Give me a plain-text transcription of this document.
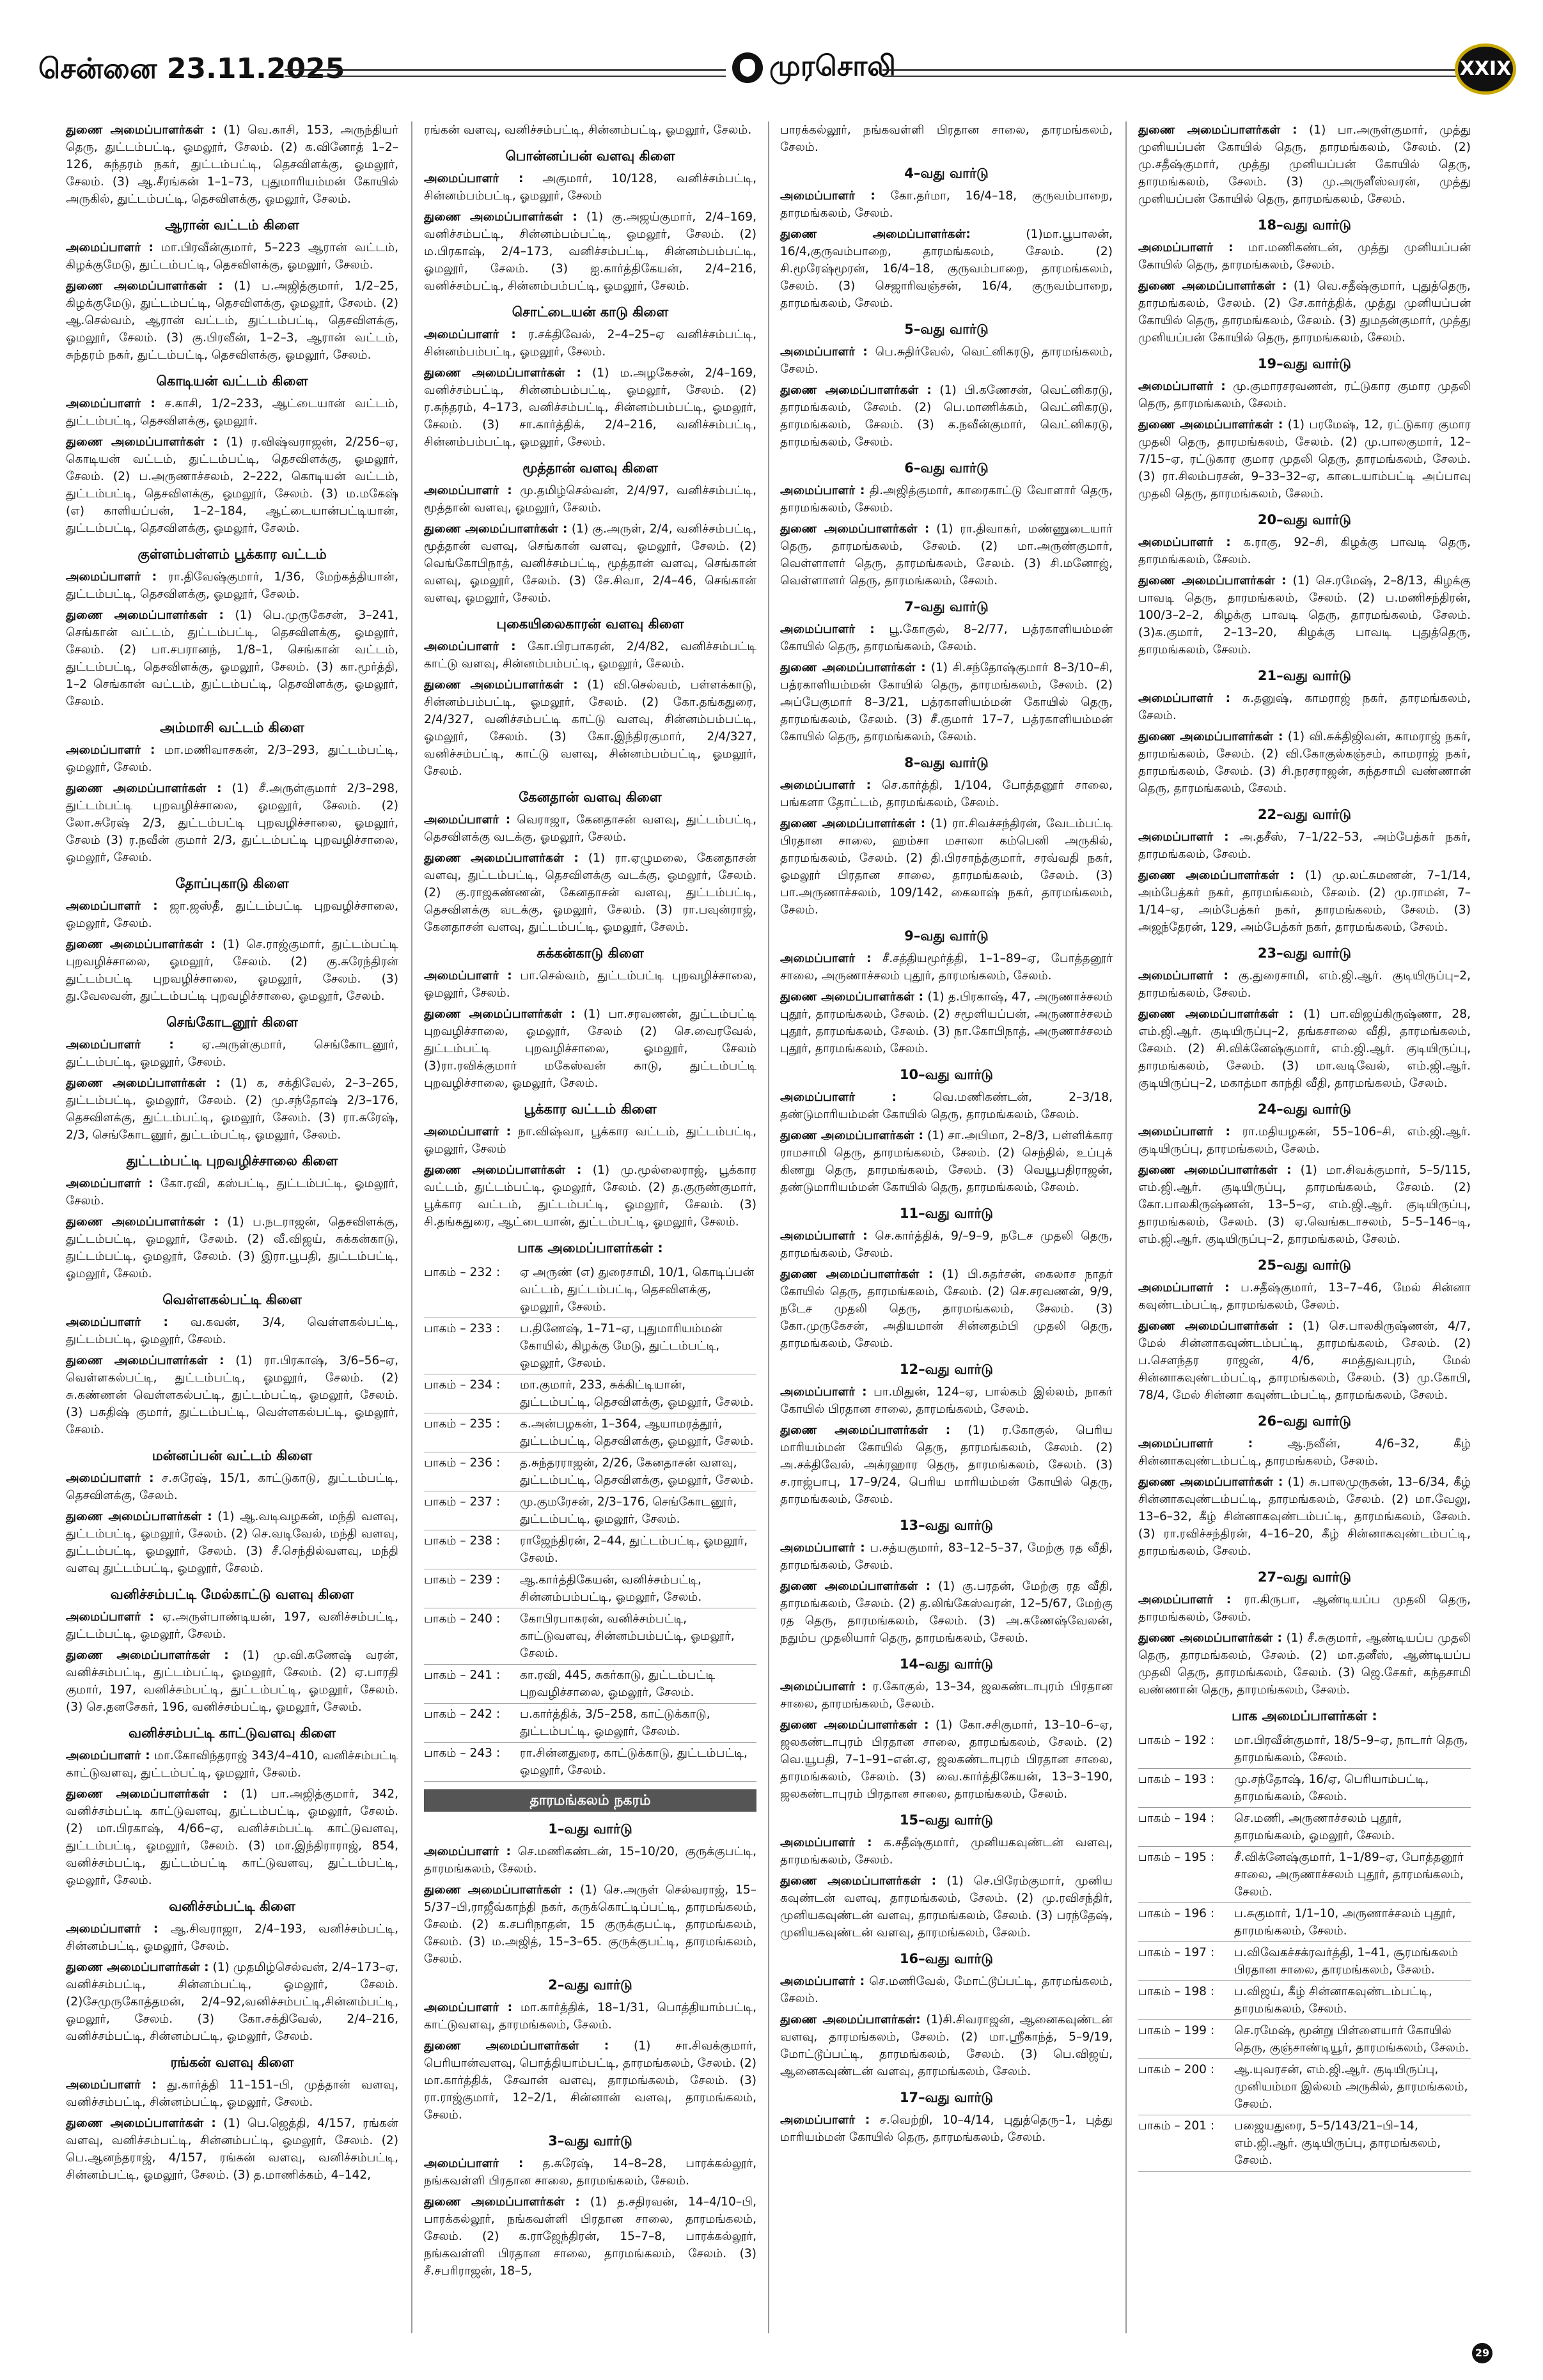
சென்னை 23.11.2025	முரசொலி	XXIX

துணை அமைப்பாளர்கள் : (1) வெ.காசி, 153, அருந்தியர் தெரு, துட்டம்பட்டி, ஓமலூர், சேலம். (2) க.வினோத் 1–2–126, சுந்தரம் நகர், துட்டம்பட்டி, தெசவிளக்கு, ஓமலூர், சேலம். (3) ஆ.சீரங்கன் 1–1–73, புதுமாரியம்மன் கோயில் அருகில், துட்டம்பட்டி, தெசவிளக்கு, ஓமலூர், சேலம்.

ஆரான் வட்டம் கிளை

அமைப்பாளர் : மா.பிரவீன்குமார், 5–223 ஆரான் வட்டம், கிழக்குமேடு, துட்டம்பட்டி, தெசவிளக்கு, ஓமலூர், சேலம்.

துணை அமைப்பாளர்கள் : (1) ப.அஜித்குமார், 1/2–25, கிழக்குமேடு, துட்டம்பட்டி, தெசவிளக்கு, ஓமலூர், சேலம். (2) ஆ.செல்வம், ஆரான் வட்டம், துட்டம்பட்டி, தெசவிளக்கு, ஓமலூர், சேலம். (3) கு.பிரவீன், 1–2–3, ஆரான் வட்டம், சுந்தரம் நகர், துட்டம்பட்டி, தெசவிளக்கு, ஓமலூர், சேலம்.

கொடியன் வட்டம் கிளை

அமைப்பாளர் : ச.காசி, 1/2–233, ஆட்டையான் வட்டம், துட்டம்பட்டி, தெசவிளக்கு, ஓமலூர்.

துணை அமைப்பாளர்கள் : (1) ர.விஷ்வராஜன், 2/256–ஏ, கொடியன் வட்டம், துட்டம்பட்டி, தெசவிளக்கு, ஓமலூர், சேலம். (2) ப.அருணாச்சலம், 2–222, கொடியன் வட்டம், துட்டம்பட்டி, தெசவிளக்கு, ஓமலூர், சேலம். (3) ம.மகேஷ் (எ) காளியப்பன், 1–2–184, ஆட்டையான்பட்டியான், துட்டம்பட்டி, தெசவிளக்கு, ஓமலூர், சேலம்.

குள்ளம்பள்ளம் பூக்கார வட்டம்

அமைப்பாளர் : ரா.திவேஷ்குமார், 1/36, மேற்கத்தியான், துட்டம்பட்டி, தெசவிளக்கு, ஓமலூர், சேலம்.

துணை அமைப்பாளர்கள் : (1) பெ.முருகேசன், 3–241, செங்கான் வட்டம், துட்டம்பட்டி, தெசவிளக்கு, ஓமலூர், சேலம். (2) பா.சபரானந், 1/8–1, செங்கான் வட்டம், துட்டம்பட்டி, தெசவிளக்கு, ஓமலூர், சேலம். (3) கா.மூர்த்தி, 1–2 செங்கான் வட்டம், துட்டம்பட்டி, தெசவிளக்கு, ஓமலூர், சேலம்.

அம்மாசி வட்டம் கிளை

அமைப்பாளர் : மா.மணிவாசகன், 2/3–293, துட்டம்பட்டி, ஓமலூர், சேலம்.

துணை அமைப்பாளர்கள் : (1) சீ.அருள்குமார் 2/3–298, துட்டம்பட்டி புறவழிச்சாலை, ஓமலூர், சேலம். (2) லோ.சுரேஷ் 2/3, துட்டம்பட்டி புறவழிச்சாலை, ஓமலூர், சேலம் (3) ர.நவீன் குமார் 2/3, துட்டம்பட்டி புறவழிச்சாலை, ஓமலூர், சேலம்.

தோப்புகாடு கிளை

அமைப்பாளர் : ஜா.ஜஸ்தீ, துட்டம்பட்டி புறவழிச்சாலை, ஓமலூர், சேலம்.

துணை அமைப்பாளர்கள் : (1) செ.ராஜ்குமார், துட்டம்பட்டி புறவழிச்சாலை, ஓமலூர், சேலம். (2) கு.சுரேந்திரன் துட்டம்பட்டி புறவழிச்சாலை, ஓமலூர், சேலம். (3) து.வேலவன், துட்டம்பட்டி புறவழிச்சாலை, ஓமலூர், சேலம்.

செங்கோடனூர் கிளை

அமைப்பாளர் : ஏ.அருள்குமார், செங்கோடனூர், துட்டம்பட்டி, ஓமலூர், சேலம்.

துணை அமைப்பாளர்கள் : (1) க, சக்திவேல், 2–3–265, துட்டம்பட்டி, ஓமலூர், சேலம். (2) மு.சந்தோஷ் 2/3–176, தெசவிளக்கு, துட்டம்பட்டி, ஓமலூர், சேலம். (3) ரா.சுரேஷ், 2/3, செங்கோடனூர், துட்டம்பட்டி, ஓமலூர், சேலம்.

துட்டம்பட்டி புறவழிச்சாலை கிளை

அமைப்பாளர் : கோ.ரவி, கஸ்பட்டி, துட்டம்பட்டி, ஓமலூர், சேலம்.

துணை அமைப்பாளர்கள் : (1) ப.நடராஜன், தெசவிளக்கு, துட்டம்பட்டி, ஓமலூர், சேலம். (2) வீ.விஜய், சுக்கன்காடு, துட்டம்பட்டி, ஓமலூர், சேலம். (3) இரா.பூபதி, துட்டம்பட்டி, ஓமலூர், சேலம்.

வெள்ளகல்பட்டி கிளை

அமைப்பாளர் : வ.கவன், 3/4, வெள்ளகல்பட்டி, துட்டம்பட்டி, ஓமலூர், சேலம்.

துணை அமைப்பாளர்கள் : (1) ரா.பிரகாஷ், 3/6–56–ஏ, வெள்ளகல்பட்டி, துட்டம்பட்டி, ஓமலூர், சேலம். (2) சு.கண்ணன் வெள்ளகல்பட்டி, துட்டம்பட்டி, ஓமலூர், சேலம். (3) பசுதிஷ் குமார், துட்டம்பட்டி, வெள்ளகல்பட்டி, ஓமலூர், சேலம்.

மன்னப்பன் வட்டம் கிளை

அமைப்பாளர் : ச.சுரேஷ், 15/1, காட்டுகாடு, துட்டம்பட்டி, தெசவிளக்கு, சேலம்.

துணை அமைப்பாளர்கள் : (1) ஆ.வடிவழகன், மந்தி வளவு, துட்டம்பட்டி, ஓமலூர், சேலம். (2) செ.வடிவேல், மந்தி வளவு, துட்டம்பட்டி, ஓமலூர், சேலம். (3) சீ.செந்தில்வளவு, மந்தி வளவு துட்டம்பட்டி, ஓமலூர், சேலம்.

வனிச்சம்பட்டி மேல்காட்டு வளவு கிளை

அமைப்பாளர் : ஏ.அருள்பாண்டியன், 197, வனிச்சம்பட்டி, துட்டம்பட்டி, ஓமலூர், சேலம்.

துணை அமைப்பாளர்கள் : (1) மு.வி.கணேஷ் வரன், வனிச்சம்பட்டி, துட்டம்பட்டி, ஓமலூர், சேலம். (2) ஏ.பாரதி குமார், 197, வனிச்சம்பட்டி, துட்டம்பட்டி, ஓமலூர், சேலம். (3) செ.தனசேகர், 196, வனிச்சம்பட்டி, ஓமலூர், சேலம்.

வனிச்சம்பட்டி காட்டுவளவு கிளை

அமைப்பாளர் : மா.கோவிந்தராஜ் 343/4–410, வனிச்சம்பட்டி காட்டுவளவு, துட்டம்பட்டி, ஓமலூர், சேலம்.

துணை அமைப்பாளர்கள் : (1) பா.அஜித்குமார், 342, வனிச்சம்பட்டி காட்டுவளவு, துட்டம்பட்டி, ஓமலூர், சேலம். (2) மா.பிரகாஷ், 4/66–ஏ, வனிச்சம்பட்டி காட்டுவளவு, துட்டம்பட்டி, ஓமலூர், சேலம். (3) மா.இந்திராராஜ், 854, வனிச்சம்பட்டி, துட்டம்பட்டி காட்டுவளவு, துட்டம்பட்டி, ஓமலூர், சேலம்.

வனிச்சம்பட்டி கிளை

அமைப்பாளர் : ஆ.சிவராஜா, 2/4–193, வனிச்சம்பட்டி, சின்னம்பட்டி, ஓமலூர், சேலம்.

துணை அமைப்பாளர்கள் : (1) முதமிழ்செல்வன், 2/4–173–ஏ, வனிச்சம்பட்டி, சின்னம்பட்டி, ஓமலூர், சேலம். (2)சேமுருகோத்தமன், 2/4–92,வனிச்சம்பட்டி,சின்னம்பட்டி, ஓமலூர், சேலம். (3) கோ.சக்திவேல், 2/4–216, வனிச்சம்பட்டி, சின்னம்பட்டி, ஓமலூர், சேலம்.

ரங்கன் வளவு கிளை

அமைப்பாளர் : து.கார்த்தி 11–151–பி, முத்தான் வளவு, வனிச்சம்பட்டி, சின்னம்பட்டி, ஓமலூர், சேலம்.

துணை அமைப்பாளர்கள் : (1) பெ.ஜெத்தி, 4/157, ரங்கன் வளவு, வனிச்சம்பட்டி, சின்னம்பட்டி, ஓமலூர், சேலம். (2) பெ.ஆனந்தராஜ், 4/157, ரங்கன் வளவு, வனிச்சம்பட்டி, சின்னம்பட்டி, ஓமலூர், சேலம். (3) த.மாணிக்கம், 4–142,

ரங்கன் வளவு, வனிச்சம்பட்டி, சின்னம்பட்டி, ஓமலூர், சேலம்.

பொன்னப்பன் வளவு கிளை

அமைப்பாளர் : அகுமார், 10/128, வனிச்சம்பட்டி, சின்னம்பம்பட்டி, ஓமலூர், சேலம்

துணை அமைப்பாளர்கள் : (1) கு.அஜய்குமார், 2/4–169, வனிச்சம்பட்டி, சின்னம்பம்பட்டி, ஓமலூர், சேலம். (2) ம.பிரகாஷ், 2/4–173, வனிச்சம்பட்டி, சின்னம்பம்பட்டி, ஓமலூர், சேலம். (3) ஐ.கார்த்திகேயன், 2/4–216, வனிச்சம்பட்டி, சின்னம்பம்பட்டி, ஓமலூர், சேலம்.

சொட்டையன் காடு கிளை

அமைப்பாளர் : ர.சக்திவேல், 2–4–25–ஏ வனிச்சம்பட்டி, சின்னம்பம்பட்டி, ஓமலூர், சேலம்.

துணை அமைப்பாளர்கள் : (1) ம.அழகேசன், 2/4–169, வனிச்சம்பட்டி, சின்னம்பம்பட்டி, ஓமலூர், சேலம். (2) ர.சுந்தரம், 4–173, வனிச்சம்பட்டி, சின்னம்பம்பட்டி, ஓமலூர், சேலம். (3) சா.கார்த்திக், 2/4–216, வனிச்சம்பட்டி, சின்னம்பம்பட்டி, ஓமலூர், சேலம்.

மூத்தான் வளவு கிளை

அமைப்பாளர் : மு.தமிழ்செல்வன், 2/4/97, வனிச்சம்பட்டி, மூத்தான் வளவு, ஓமலூர், சேலம்.

துணை அமைப்பாளர்கள் : (1) கு.அருள், 2/4, வனிச்சம்பட்டி, மூத்தான் வளவு, செங்கான் வளவு, ஓமலூர், சேலம். (2) வெங்கோபிநாத், வனிச்சம்பட்டி, மூத்தான் வளவு, செங்கான் வளவு, ஓமலூர், சேலம். (3) சே.சிவா, 2/4–46, செங்கான் வளவு, ஓமலூர், சேலம்.

புகையிலைகாரன் வளவு கிளை

அமைப்பாளர் : கோ.பிரபாகரன், 2/4/82, வனிச்சம்பட்டி காட்டு வளவு, சின்னம்பம்பட்டி, ஓமலூர், சேலம்.

துணை அமைப்பாளர்கள் : (1) வி.செல்வம், பள்ளக்காடு, சின்னம்பம்பட்டி, ஓமலூர், சேலம். (2) கோ.தங்கதுரை, 2/4/327, வனிச்சம்பட்டி காட்டு வளவு, சின்னம்பம்பட்டி, ஓமலூர், சேலம். (3) கோ.இந்திரகுமார், 2/4/327, வனிச்சம்பட்டி, காட்டு வளவு, சின்னம்பம்பட்டி, ஓமலூர், சேலம்.

கேனதான் வளவு கிளை

அமைப்பாளர் : வெராஜா, கேனதாசன் வளவு, துட்டம்பட்டி, தெசவிளக்கு வடக்கு, ஓமலூர், சேலம்.

துணை அமைப்பாளர்கள் : (1) ரா.ஏழுமலை, கேனதாசன் வளவு, துட்டம்பட்டி, தெசவிளக்கு வடக்கு, ஓமலூர், சேலம். (2) கு.ராஜகண்ணன், கேனதாசன் வளவு, துட்டம்பட்டி, தெசவிளக்கு வடக்கு, ஓமலூர், சேலம். (3) ரா.பவுன்ராஜ், கேனதாசன் வளவு, துட்டம்பட்டி, ஓமலூர், சேலம்.

சுக்கன்காடு கிளை

அமைப்பாளர் : பா.செல்வம், துட்டம்பட்டி புறவழிச்சாலை, ஓமலூர், சேலம்.

துணை அமைப்பாளர்கள் : (1) பா.சரவணன், துட்டம்பட்டி புறவழிச்சாலை, ஓமலூர், சேலம் (2) செ.வைரவேல், துட்டம்பட்டி புறவழிச்சாலை, ஓமலூர், சேலம் (3)ரா.ரவிக்குமார் மகேஸ்வன் காடு, துட்டம்பட்டி புறவழிச்சாலை, ஓமலூர், சேலம்.

பூக்கார வட்டம் கிளை

அமைப்பாளர் : நா.விஷ்வா, பூக்கார வட்டம், துட்டம்பட்டி, ஓமலூர், சேலம்

துணை அமைப்பாளர்கள் : (1) மு.மூல்லைராஜ், பூக்கார வட்டம், துட்டம்பட்டி, ஓமலூர், சேலம். (2) த.குருண்குமார், பூக்கார வட்டம், துட்டம்பட்டி, ஓமலூர், சேலம். (3) சி.தங்கதுரை, ஆட்டையான், துட்டம்பட்டி, ஓமலூர், சேலம்.

பாக அமைப்பாளர்கள் :
பாகம் – 232 :	ஏ அருண் (எ) துரைசாமி, 10/1, கொடிப்பன் வட்டம், துட்டம்பட்டி, தெசவிளக்கு, ஓமலூர், சேலம்.
பாகம் – 233 :	ப.திணேஷ், 1–71–ஏ, புதுமாரியம்மன் கோயில், கிழக்கு மேடு, துட்டம்பட்டி, ஓமலூர், சேலம்.
பாகம் – 234 :	மா.குமார், 233, சுக்கிட்டியான், துட்டம்பட்டி, தெசவிளக்கு, ஓமலூர், சேலம்.
பாகம் – 235 :	க.அன்பழகன், 1–364, ஆயாமரத்தூர், துட்டம்பட்டி, தெசவிளக்கு, ஓமலூர், சேலம்.
பாகம் – 236 :	த.சுந்தரராஜன், 2/26, கேனதாசன் வளவு, துட்டம்பட்டி, தெசவிளக்கு, ஓமலூர், சேலம்.
பாகம் – 237 :	மு.குமரேசன், 2/3–176, செங்கோடனூர், துட்டம்பட்டி, ஓமலூர், சேலம்.
பாகம் – 238 :	ராஜேந்திரன், 2–44, துட்டம்பட்டி, ஓமலூர், சேலம்.
பாகம் – 239 :	ஆ.கார்த்திகேயன், வனிச்சம்பட்டி, சின்னம்பம்பட்டி, ஓமலூர், சேலம்.
பாகம் – 240 :	கோபிரபாகரன், வனிச்சம்பட்டி, காட்டுவளவு, சின்னம்பம்பட்டி, ஓமலூர், சேலம்.
பாகம் – 241 :	கா.ரவி, 445, சுகர்காடு, துட்டம்பட்டி புறவழிச்சாலை, ஓமலூர், சேலம்.
பாகம் – 242 :	ப.கார்த்திக், 3/5–258, காட்டுக்காடு, துட்டம்பட்டி, ஓமலூர், சேலம்.
பாகம் – 243 :	ரா.சின்னதுரை, காட்டுக்காடு, துட்டம்பட்டி, ஓமலூர், சேலம்.
தாரமங்கலம் நகரம்
1–வது வார்டு

அமைப்பாளர் : செ.மணிகண்டன், 15–10/20, குருக்குபட்டி, தாரமங்கலம், சேலம்.

துணை அமைப்பாளர்கள் : (1) செ.அருள் செல்வராஜ், 15–5/37–பி,ராஜீவ்காந்தி நகர், கருக்கொட்டிப்பட்டி, தாரமங்கலம், சேலம். (2) க.சபரிநாதன், 15 குருக்குபட்டி, தாரமங்கலம், சேலம். (3) ம.அஜித், 15–3–65. குருக்குபட்டி, தாரமங்கலம், சேலம்.

2–வது வார்டு

அமைப்பாளர் : மா.கார்த்திக், 18–1/31, பொத்தியாம்பட்டி, காட்டுவளவு, தாரமங்கலம், சேலம்.

துணை அமைப்பாளர்கள் : (1) சா.சிவக்குமார், பெரியான்வளவு, பொத்தியாம்பட்டி, தாரமங்கலம், சேலம். (2) மா.கார்த்திக், சேவான் வளவு, தாரமங்கலம், சேலம். (3) ரா.ராஜ்குமார், 12–2/1, சின்னான் வளவு, தாரமங்கலம், சேலம்.

3–வது வார்டு

அமைப்பாளர் : த.சுரேஷ், 14–8–28, பாரக்கல்லூர், நங்கவள்ளி பிரதான சாலை, தாரமங்கலம், சேலம்.

துணை அமைப்பாளர்கள் : (1) த.சதிரவன், 14–4/10–பி, பாரக்கல்லூர், நங்கவள்ளி பிரதான சாலை, தாரமங்கலம், சேலம். (2) க.ராஜேந்திரன், 15–7–8, பாரக்கல்லூர், நங்கவள்ளி பிரதான சாலை, தாரமங்கலம், சேலம். (3) சீ.சபரிராஜன், 18–5,

பாரக்கல்லூர், நங்கவள்ளி பிரதான சாலை, தாரமங்கலம், சேலம்.

4–வது வார்டு

அமைப்பாளர் : கோ.தர்மா, 16/4–18, குருவம்பாறை, தாரமங்கலம், சேலம்.

துணை அமைப்பாளர்கள்:	(1)மா.பூபாலன், 16/4,குருவம்பாறை, தாரமங்கலம், சேலம். (2) சி.மூரேஷ்மூரன், 16/4–18, குருவம்பாறை, தாரமங்கலம், சேலம். (3) செஜாரிவஞ்சன், 16/4, குருவம்பாறை, தாரமங்கலம், சேலம்.

5–வது வார்டு

அமைப்பாளர் : பெ.சுதிர்வேல், வெட்னிகரடு, தாரமங்கலம், சேலம்.

துணை அமைப்பாளர்கள் : (1) பி.கணேசன், வெட்னிகரடு, தாரமங்கலம், சேலம். (2) பெ.மாணிக்கம், வெட்னிகரடு, தாரமங்கலம், சேலம். (3) க.நவீன்குமார், வெட்னிகரடு, தாரமங்கலம், சேலம்.

6–வது வார்டு

அமைப்பாளர் : தி.அஜித்குமார், காரைகாட்டு வோளார் தெரு, தாரமங்கலம், சேலம்.

துணை அமைப்பாளர்கள் : (1) ரா.திவாகர், மண்ணுடையார் தெரு, தாரமங்கலம், சேலம். (2) மா.அருண்குமார், வெள்ளாளர் தெரு, தாரமங்கலம், சேலம். (3) சி.மனோஜ், வெள்ளாளர் தெரு, தாரமங்கலம், சேலம்.

7–வது வார்டு

அமைப்பாளர் : பூ.கோகுல், 8–2/77, பத்ரகாளியம்மன் கோயில் தெரு, தாரமங்கலம், சேலம்.

துணை அமைப்பாளர்கள் : (1) சி.சந்தோஷ்குமார் 8–3/10–சி, பத்ரகாளியம்மன் கோயில் தெரு, தாரமங்கலம், சேலம். (2) அப்பேகுமார் 8–3/21, பத்ரகாளியம்மன் கோயில் தெரு, தாரமங்கலம், சேலம். (3) சீ.குமார் 17–7, பத்ரகாளியம்மன் கோயில் தெரு, தாரமங்கலம், சேலம்.

8–வது வார்டு

அமைப்பாளர் : செ.கார்த்தி, 1/104, போத்தனூர் சாலை, பங்களா தோட்டம், தாரமங்கலம், சேலம்.

துணை அமைப்பாளர்கள் : (1) ரா.சிவச்சந்திரன், வேடம்பட்டி பிரதான சாலை, ஹம்சா மசாலா கம்பெனி அருகில், தாரமங்கலம், சேலம். (2) தி.பிரசாந்த்குமார், சரவ்வதி நகர், ஓமலூர் பிரதான சாலை, தாரமங்கலம், சேலம். (3) பா.அருணாச்சலம், 109/142, கைலாஷ் நகர், தாரமங்கலம், சேலம்.

9–வது வார்டு

அமைப்பாளர் : சீ.சத்தியமூர்த்தி, 1–1–89–ஏ, போத்தனூர் சாலை, அருணாச்சலம் புதூர், தாரமங்கலம், சேலம்.

துணை அமைப்பாளர்கள் : (1) த.பிரகாஷ், 47, அருணாச்சலம் புதூர், தாரமங்கலம், சேலம். (2) சமூளியப்பன், அருணாச்சலம் புதூர், தாரமங்கலம், சேலம். (3) நா.கோபிநாத், அருணாச்சலம் புதூர், தாரமங்கலம், சேலம்.

10–வது வார்டு

அமைப்பாளர் :	வெ.மணிகண்டன், 2–3/18, தண்டுமாரியம்மன் கோயில் தெரு, தாரமங்கலம், சேலம்.

துணை அமைப்பாளர்கள் : (1) சா.அபிமா, 2–8/3, பள்ளிக்கார ராமசாமி தெரு, தாரமங்கலம், சேலம். (2) செந்தில், உப்புக் கிணறு தெரு, தாரமங்கலம், சேலம். (3) வெயூபதிராஜன், தண்டுமாரியம்மன் கோயில் தெரு, தாரமங்கலம், சேலம்.

11–வது வார்டு

அமைப்பாளர் : செ.கார்த்திக், 9/–9–9, நடேச முதலி தெரு, தாரமங்கலம், சேலம்.

துணை அமைப்பாளர்கள் : (1) பி.சுதர்சன், கைலாச நாதர் கோயில் தெரு, தாரமங்கலம், சேலம். (2) செ.சரவணன், 9/9, நடேச முதலி தெரு, தாரமங்கலம், சேலம். (3) கோ.முருகேசன், அதியமான் சின்னதம்பி முதலி தெரு, தாரமங்கலம், சேலம்.

12–வது வார்டு

அமைப்பாளர் : பா.மிதுன், 124–ஏ, பால்கம் இல்லம், நாகர் கோயில் பிரதான சாலை, தாரமங்கலம், சேலம்.

துணை அமைப்பாளர்கள் : (1) ர.கோகுல், பெரிய மாரியம்மன் கோயில் தெரு, தாரமங்கலம், சேலம். (2) அ.சக்திவேல், அக்ரஹார தெரு, தாரமங்கலம், சேலம். (3) ச.ராஜ்பாபு, 17–9/24, பெரிய மாரியம்மன் கோயில் தெரு, தாரமங்கலம், சேலம்.

13–வது வார்டு

அமைப்பாளர் : ப.சத்யகுமார், 83–12–5–37, மேற்கு ரத வீதி, தாரமங்கலம், சேலம்.

துணை அமைப்பாளர்கள் : (1) கு.பரதன், மேற்கு ரத வீதி, தாரமங்கலம், சேலம். (2) த.லிங்கேஸ்வரன், 12–5/67, மேற்கு ரத தெரு, தாரமங்கலம், சேலம். (3) அ.கணேஷ்வேலன், நதும்ப முதலியார் தெரு, தாரமங்கலம், சேலம்.

14–வது வார்டு

அமைப்பாளர் : ர.கோகுல், 13–34, ஜலகண்டாபுரம் பிரதான சாலை, தாரமங்கலம், சேலம்.

துணை அமைப்பாளர்கள் : (1) கோ.சசிகுமார், 13–10–6–ஏ, ஜலகண்டாபுரம் பிரதான சாலை, தாரமங்கலம், சேலம். (2) வெ.யூபதி, 7–1–91–என்.ஏ, ஜலகண்டாபுரம் பிரதான சாலை, தாரமங்கலம், சேலம். (3) வை.கார்த்திகேயன், 13–3–190, ஜலகண்டாபுரம் பிரதான சாலை, தாரமங்கலம், சேலம்.

15–வது வார்டு

அமைப்பாளர் : க.சதீஷ்குமார், முனியகவுண்டன் வளவு, தாரமங்கலம், சேலம்.

துணை அமைப்பாளர்கள் : (1) செ.பிரேம்குமார், முனிய கவுண்டன் வளவு, தாரமங்கலம், சேலம். (2) மு.ரவிசந்திர், முனியகவுண்டன் வளவு, தாரமங்கலம், சேலம். (3) பரந்தேஷ், முனியகவுண்டன் வளவு, தாரமங்கலம், சேலம்.

16–வது வார்டு

அமைப்பாளர் : செ.மணிவேல், மோட்டூப்பட்டி, தாரமங்கலம், சேலம்.

துணை அமைப்பாளர்கள்: (1)சி.சிவராஜன், ஆனைகவுண்டன் வளவு, தாரமங்கலம், சேலம். (2) மா.ஸ்ரீகாந்த், 5–9/19, மோட்டூப்பட்டி, தாரமங்கலம், சேலம். (3) பெ.விஜய், ஆனைகவுண்டன் வளவு, தாரமங்கலம், சேலம்.

17–வது வார்டு

அமைப்பாளர் : ச.வெற்றி, 10–4/14, புதுத்தெரு–1, புத்து மாரியம்மன் கோயில் தெரு, தாரமங்கலம், சேலம்.

துணை அமைப்பாளர்கள் : (1) பா.அருள்குமார், முத்து முனியப்பன் கோயில் தெரு, தாரமங்கலம், சேலம். (2) மு.சதீஷ்குமார், முத்து முனியப்பன் கோயில் தெரு, தாரமங்கலம், சேலம். (3) மு.அருளீஸ்வரன், முத்து முனியப்பன் கோயில் தெரு, தாரமங்கலம், சேலம்.

18–வது வார்டு

அமைப்பாளர் : மா.மணிகண்டன், முத்து முனியப்பன் கோயில் தெரு, தாரமங்கலம், சேலம்.

துணை அமைப்பாளர்கள் : (1) வெ.சதீஷ்குமார், புதுத்தெரு, தாரமங்கலம், சேலம். (2) சே.கார்த்திக், முத்து முனியப்பன் கோயில் தெரு, தாரமங்கலம், சேலம். (3) துமதன்குமார், முத்து முனியப்பன் கோயில் தெரு, தாரமங்கலம், சேலம்.

19–வது வார்டு

அமைப்பாளர் : மு.குமாரசரவணன், ரட்டுகார குமார முதலி தெரு, தாரமங்கலம், சேலம்.

துணை அமைப்பாளர்கள் : (1) பரமேஷ், 12, ரட்டுகார குமார முதலி தெரு, தாரமங்கலம், சேலம். (2) மு.பாலகுமார், 12–7/15–ஏ, ரட்டுகார குமார முதலி தெரு, தாரமங்கலம், சேலம். (3) ரா.சிலம்பரசன், 9–33–32–ஏ, காடையாம்பட்டி அப்பாவு முதலி தெரு, தாரமங்கலம், சேலம்.

20–வது வார்டு

அமைப்பாளர் : க.ராகு, 92–சி, கிழக்கு பாவடி தெரு, தாரமங்கலம், சேலம்.

துணை அமைப்பாளர்கள் : (1) செ.ரமேஷ், 2–8/13, கிழக்கு பாவடி தெரு, தாரமங்கலம், சேலம். (2) ப.மணிசந்திரன், 100/3–2–2, கிழக்கு பாவடி தெரு, தாரமங்கலம், சேலம். (3)க.குமார், 2–13–20, கிழக்கு பாவடி புதுத்தெரு, தாரமங்கலம், சேலம்.

21–வது வார்டு

அமைப்பாளர் : சு.தனுஷ், காமராஜ் நகர், தாரமங்கலம், சேலம்.

துணை அமைப்பாளர்கள் : (1) வி.சுக்திஜிவன், காமராஜ் நகர், தாரமங்கலம், சேலம். (2) வி.கோகுல்கஞ்சம், காமராஜ் நகர், தாரமங்கலம், சேலம். (3) சி.நரசராஜன், சுந்தசாமி வண்ணான் தெரு, தாரமங்கலம், சேலம்.

22–வது வார்டு

அமைப்பாளர் : அ.தசீஸ், 7–1/22–53, அம்பேத்கர் நகர், தாரமங்கலம், சேலம்.

துணை அமைப்பாளர்கள் : (1) மு.லட்சுமணன், 7–1/14, அம்பேத்கர் நகர், தாரமங்கலம், சேலம். (2) மு.ராமன், 7–1/14–ஏ, அம்பேத்கர் நகர், தாரமங்கலம், சேலம். (3) அஜந்தேரன், 129, அம்பேத்கர் நகர், தாரமங்கலம், சேலம்.

23–வது வார்டு

அமைப்பாளர் : கு.துரைசாமி, எம்.ஜி.ஆர். குடியிருப்பு–2, தாரமங்கலம், சேலம்.

துணை அமைப்பாளர்கள் : (1) பா.விஜய்கிருஷ்ணா, 28, எம்.ஜி.ஆர். குடியிருப்பு–2, தங்கசாலை வீதி, தாரமங்கலம், சேலம். (2) சி.விக்னேஷ்குமார், எம்.ஜி.ஆர். குடியிருப்பு, தாரமங்கலம், சேலம். (3) மா.வடிவேல், எம்.ஜி.ஆர். குடியிருப்பு–2, மகாத்மா காந்தி வீதி, தாரமங்கலம், சேலம்.

24–வது வார்டு

அமைப்பாளர் : ரா.மதியழகன், 55–106–சி, எம்.ஜி.ஆர். குடியிருப்பு, தாரமங்கலம், சேலம்.

துணை அமைப்பாளர்கள் : (1) மா.சிவக்குமார், 5–5/115, எம்.ஜி.ஆர். குடியிருப்பு, தாரமங்கலம், சேலம். (2) கோ.பாலகிருஷ்ணன், 13–5–ஏ, எம்.ஜி.ஆர். குடியிருப்பு, தாரமங்கலம், சேலம். (3) ஏ.வெங்கடாசலம், 5–5–146–டி, எம்.ஜி.ஆர். குடியிருப்பு–2, தாரமங்கலம், சேலம்.

25–வது வார்டு

அமைப்பாளர் : ப.சதீஷ்குமார், 13–7–46, மேல் சின்னா கவுண்டம்பட்டி, தாரமங்கலம், சேலம்.

துணை அமைப்பாளர்கள் : (1) செ.பாலகிருஷ்ணன், 4/7, மேல் சின்னாகவுண்டம்பட்டி, தாரமங்கலம், சேலம். (2) ப.செளந்தர ராஜன், 4/6, சமத்துவபுரம், மேல் சின்னாகவுண்டம்பட்டி, தாரமங்கலம், சேலம். (3) மு.கோபி, 78/4, மேல் சின்னா கவுண்டம்பட்டி, தாரமங்கலம், சேலம்.

26–வது வார்டு

அமைப்பாளர் :	ஆ.நவீன், 4/6–32, கீழ் சின்னாகவுண்டம்பட்டி, தாரமங்கலம், சேலம்.

துணை அமைப்பாளர்கள் : (1) சு.பாலமுருகன், 13–6/34, கீழ் சின்னாகவுண்டம்பட்டி, தாரமங்கலம், சேலம். (2) மா.வேலு, 13–6–32, கீழ் சின்னாகவுண்டம்பட்டி, தாரமங்கலம், சேலம். (3) ரா.ரவிச்சந்திரன், 4–16–20, கீழ் சின்னாகவுண்டம்பட்டி, தாரமங்கலம், சேலம்.

27–வது வார்டு

அமைப்பாளர் : ரா.கிருபா, ஆண்டியப்ப முதலி தெரு, தாரமங்கலம், சேலம்.

துணை அமைப்பாளர்கள் : (1) சீ.சுகுமார், ஆண்டியப்ப முதலி தெரு, தாரமங்கலம், சேலம். (2) மா.தனீஸ், ஆண்டியப்ப முதலி தெரு, தாரமங்கலம், சேலம். (3) ஜெ.சேகர், கந்தசாமி வண்ணான் தெரு, தாரமங்கலம், சேலம்.

பாக அமைப்பாளர்கள் :
பாகம் – 192 :	மா.பிரவீன்குமார், 18/5–9–ஏ, நாடார் தெரு, தாரமங்கலம், சேலம்.
பாகம் – 193 :	மு.சந்தோஷ், 16/ஏ, பெரியாம்பட்டி, தாரமங்கலம், சேலம்.
பாகம் – 194 :	செ.மணி, அருணாச்சலம் புதூர், தாரமங்கலம், ஓமலூர், சேலம்.
பாகம் – 195 :	சீ.விக்னேஷ்குமார், 1–1/89–ஏ, போத்தனூர் சாலை, அருணாச்சலம் புதூர், தாரமங்கலம், சேலம்.
பாகம் – 196 :	ப.சுகுமார், 1/1–10, அருணாச்சலம் புதூர், தாரமங்கலம், சேலம்.
பாகம் – 197 :	ப.விவேகச்சக்ரவர்த்தி, 1–41, சூரமங்கலம் பிரதான சாலை, தாரமங்கலம், சேலம்.
பாகம் – 198 :	ப.விஜய், கீழ் சின்னாகவுண்டம்பட்டி, தாரமங்கலம், சேலம்.
பாகம் – 199 :	செ.ரமேஷ், மூன்று பிள்ளையார் கோயில் தெரு, குஞ்சாண்டியூர், தாரமங்கலம், சேலம்.
பாகம் – 200 :	ஆ.யுவரசன், எம்.ஜி.ஆர். குடியிருப்பு, முனியம்மா இல்லம் அருகில், தாரமங்கலம், சேலம்.
பாகம் – 201 :	பஜையதுரை, 5–5/143/21–பி–14, எம்.ஜி.ஆர். குடியிருப்பு, தாரமங்கலம், சேலம்.
29
